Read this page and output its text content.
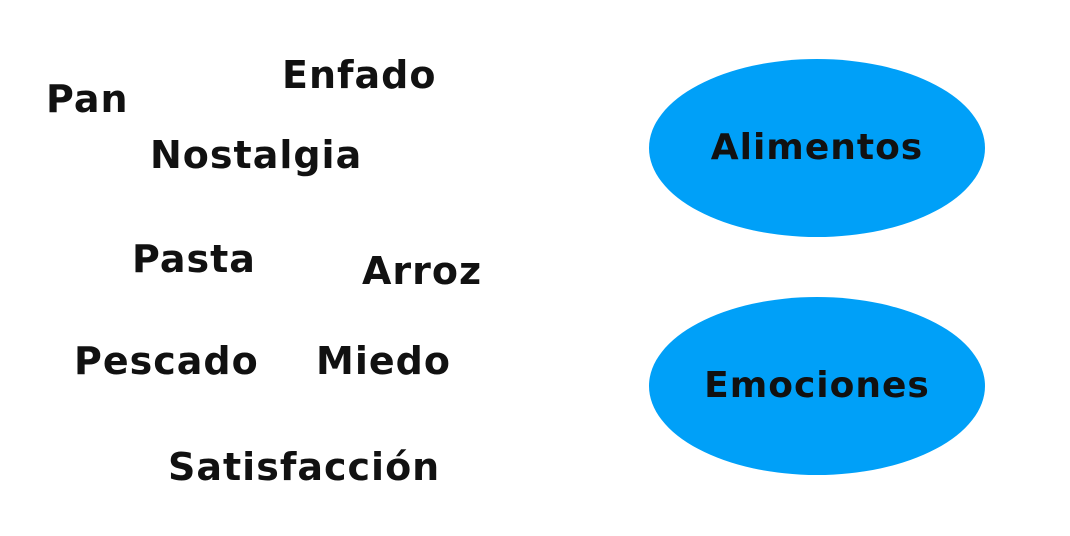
Pan
Enfado
Nostalgia
Pasta	Arroz
Pescado Miedo
Satisfacción
Alimentos
Emociones
